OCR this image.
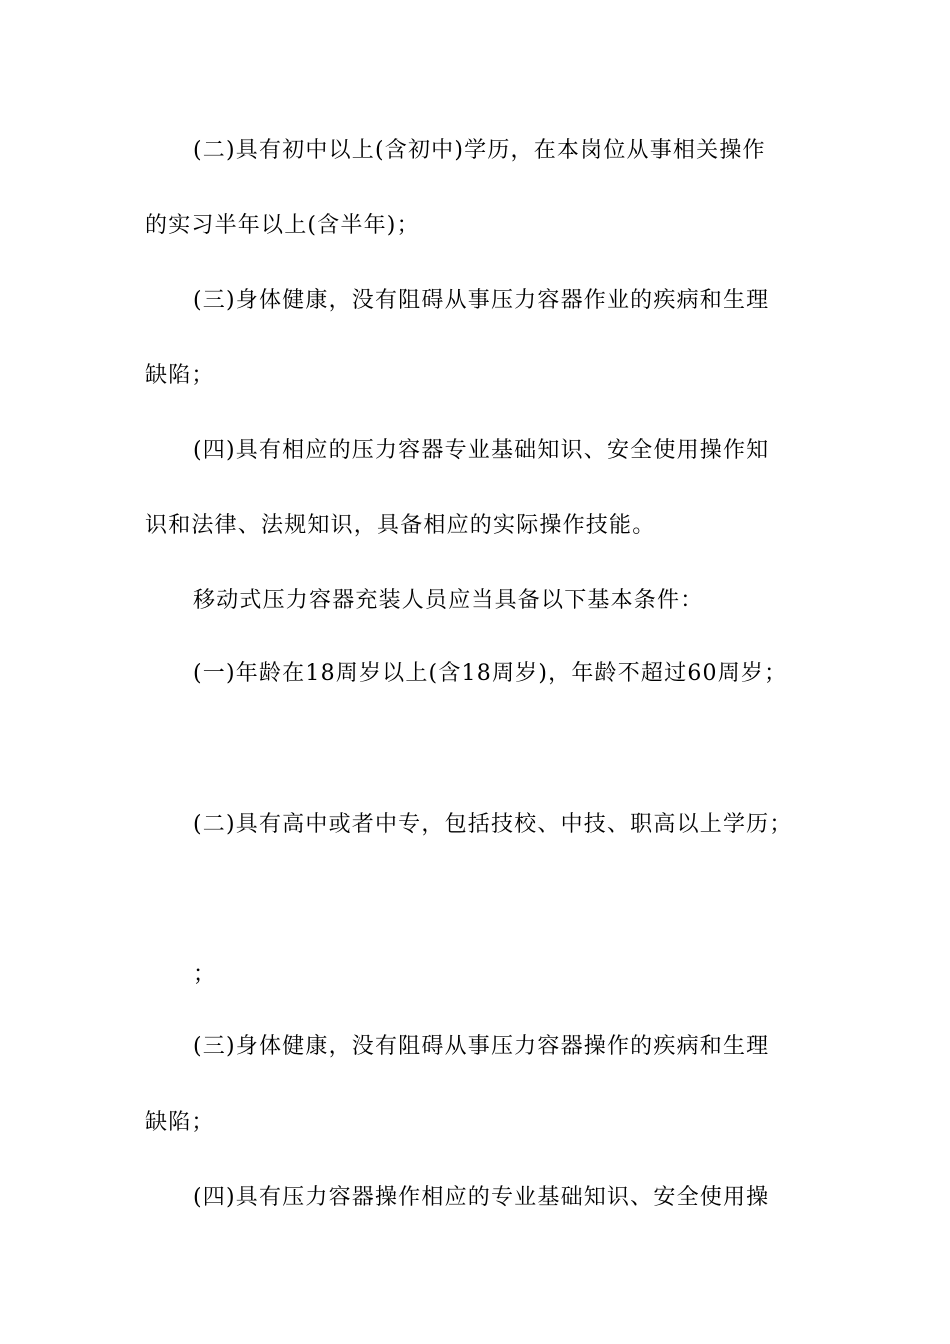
(二)具有初中以上(含初中)学历，在本岗位从事相关操作
的实习半年以上(含半年)；
(三)身体健康，没有阻碍从事压力容器作业的疾病和生理
缺陷；
(四)具有相应的压力容器专业基础知识、安全使用操作知
识和法律、法规知识，具备相应的实际操作技能。
移动式压力容器充装人员应当具备以下基本条件：
(一)年龄在18周岁以上(含18周岁)，年龄不超过60周岁；
(二)具有高中或者中专，包括技校、中技、职高以上学历；
；
(三)身体健康，没有阻碍从事压力容器操作的疾病和生理
缺陷；
(四)具有压力容器操作相应的专业基础知识、安全使用操
